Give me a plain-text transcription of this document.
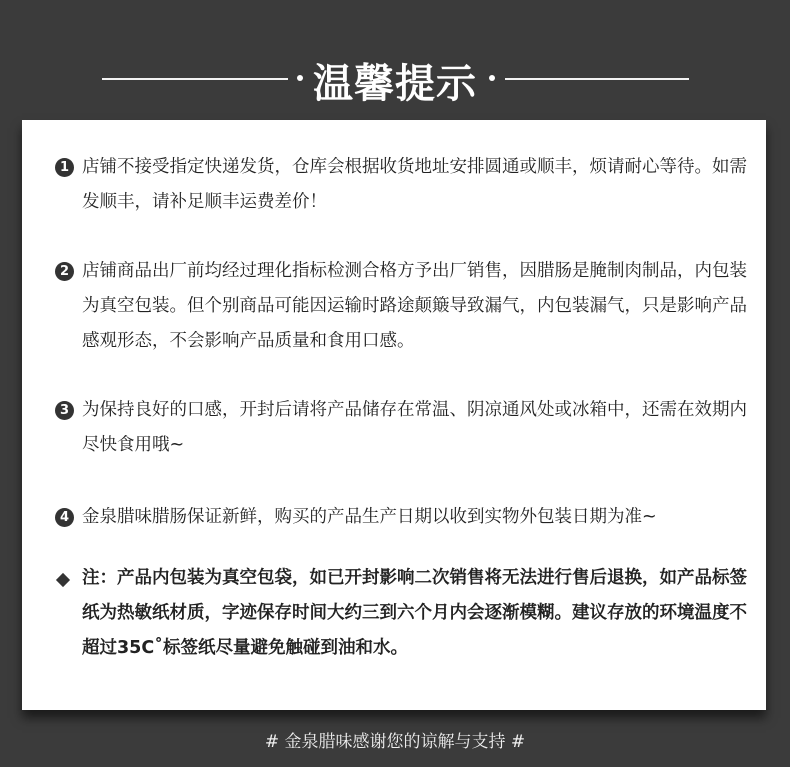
温馨提示
1 店铺不接受指定快递发货，仓库会根据收货地址安排圆通或顺丰，烦请耐心等待。如需发顺丰，请补足顺丰运费差价！
2 店铺商品出厂前均经过理化指标检测合格方予出厂销售，因腊肠是腌制肉制品，内包装为真空包装。但个别商品可能因运输时路途颠簸导致漏气，内包装漏气，只是影响产品感观形态，不会影响产品质量和食用口感。
3 为保持良好的口感，开封后请将产品储存在常温、阴凉通风处或冰箱中，还需在效期内尽快食用哦~
4 金泉腊味腊肠保证新鲜，购买的产品生产日期以收到实物外包装日期为准~
注：产品内包装为真空包袋，如已开封影响二次销售将无法进行售后退换，如产品标签纸为热敏纸材质，字迹保存时间大约三到六个月内会逐渐模糊。建议存放的环境温度不超过35C˚标签纸尽量避免触碰到油和水。
# 金泉腊味感谢您的谅解与支持 #
